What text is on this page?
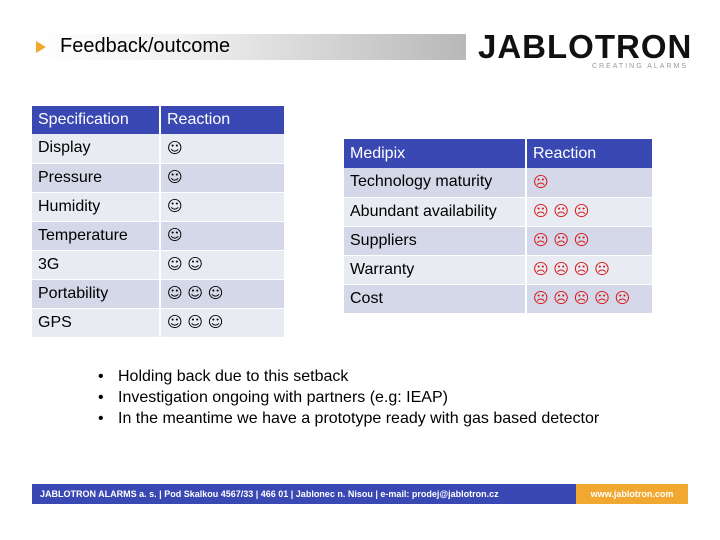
Feedback/outcome	JABLOTRON
CREATING ALARMS
Specification	Reaction
Display	☺
Pressure	☺
Humidity	☺
Temperature	☺
3G	☺ ☺
Portability	☺ ☺ ☺
GPS	☺ ☺ ☺
Medipix	Reaction
Technology maturity	☹
Abundant availability	☹ ☹ ☹
Suppliers	☹ ☹ ☹
Warranty	☹ ☹ ☹ ☹
Cost	☹ ☹ ☹ ☹ ☹
• Holding back due to this setback
• Investigation ongoing with partners (e.g: IEAP)
• In the meantime we have a prototype ready with gas based detector
JABLOTRON ALARMS a. s. | Pod Skalkou 4567/33 | 466 01 | Jablonec n. Nisou | e-mail: prodej@jablotron.cz	www.jablotron.com
